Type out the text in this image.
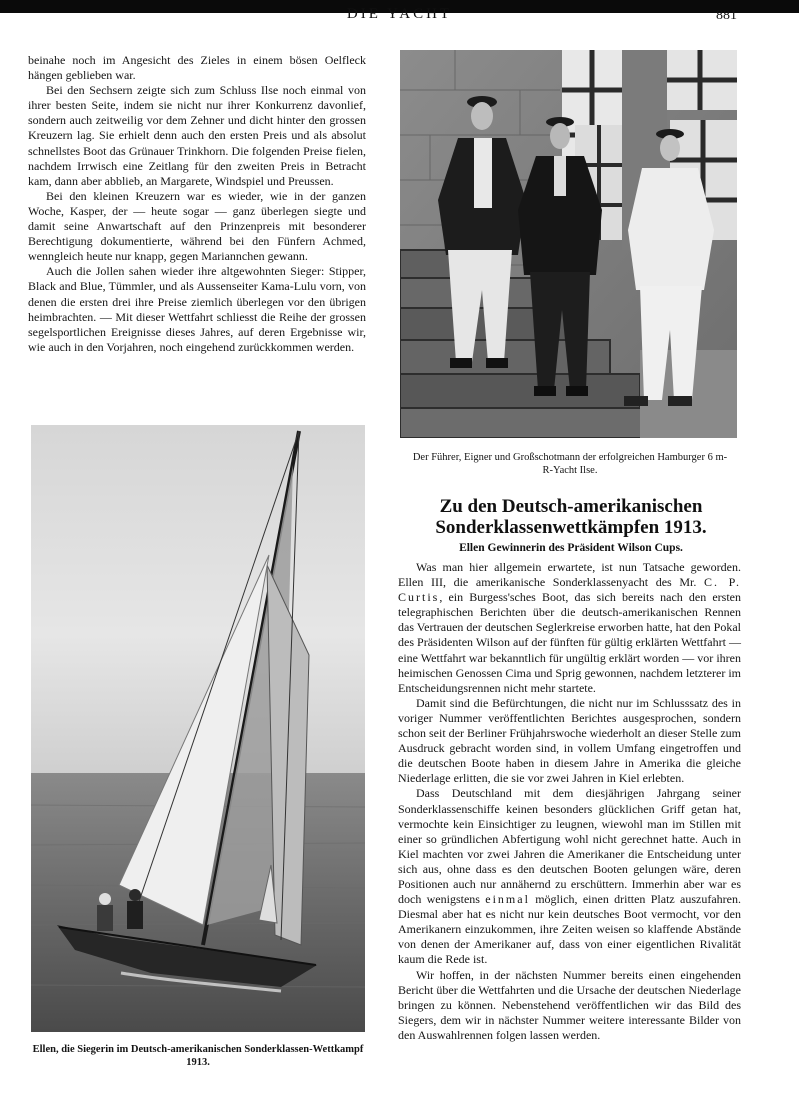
DIE YACHT	881

beinahe noch im Angesicht des Zieles in einem bösen Oelfleck hängen geblieben war.

Bei den Sechsern zeigte sich zum Schluss Ilse noch einmal von ihrer besten Seite, indem sie nicht nur ihrer Konkurrenz davonlief, sondern auch zeitweilig vor dem Zehner und dicht hinter den grossen Kreuzern lag. Sie erhielt denn auch den ersten Preis und als absolut schnellstes Boot das Grünauer Trinkhorn. Die folgenden Preise fielen, nachdem Irrwisch eine Zeitlang für den zweiten Preis in Betracht kam, dann aber abblieb, an Margarete, Windspiel und Preussen.

Bei den kleinen Kreuzern war es wieder, wie in der ganzen Woche, Kasper, der — heute sogar — ganz überlegen siegte und damit seine Anwartschaft auf den Prinzenpreis mit besonderer Berechtigung dokumentierte, während bei den Fünfern Achmed, wenngleich heute nur knapp, gegen Mariannchen gewann.

Auch die Jollen sahen wieder ihre altgewohnten Sieger: Stipper, Black and Blue, Tümmler, und als Aussenseiter Kama-Lulu vorn, von denen die ersten drei ihre Preise ziemlich überlegen vor den übrigen heimbrachten. — Mit dieser Wettfahrt schliesst die Reihe der grossen segelsportlichen Ereignisse dieses Jahres, auf deren Ergebnisse wir, wie auch in den Vorjahren, noch eingehend zurückkommen werden.

Der Führer, Eigner und Großschotmann der erfolgreichen Hamburger 6 m-R-Yacht Ilse.
Ellen, die Siegerin im Deutsch-amerikanischen Sonderklassen-Wettkampf 1913.
Zu den Deutsch-amerikanischen
Sonderklassenwettkämpfen 1913.
Ellen Gewinnerin des Präsident Wilson Cups.

Was man hier allgemein erwartete, ist nun Tatsache geworden. Ellen III, die amerikanische Sonderklassenyacht des Mr. C. P. Curtis, ein Burgess'sches Boot, das sich bereits nach den ersten telegraphischen Berichten über die deutsch-amerikanischen Rennen das Vertrauen der deutschen Seglerkreise erworben hatte, hat den Pokal des Präsidenten Wilson auf der fünften für gültig erklärten Wettfahrt — eine Wettfahrt war bekanntlich für ungültig erklärt worden — vor ihren heimischen Genossen Cima und Sprig gewonnen, nachdem letzterer im Entscheidungsrennen nicht mehr startete.

Damit sind die Befürchtungen, die nicht nur im Schlusssatz des in voriger Nummer veröffentlichten Berichtes ausgesprochen, sondern schon seit der Berliner Frühjahrswoche wiederholt an dieser Stelle zum Ausdruck gebracht worden sind, in vollem Umfang eingetroffen und die deutschen Boote haben in diesem Jahre in Amerika die gleiche Niederlage erlitten, die sie vor zwei Jahren in Kiel erlebten.

Dass Deutschland mit dem diesjährigen Jahrgang seiner Sonderklassenschiffe keinen besonders glücklichen Griff getan hat, vermochte kein Einsichtiger zu leugnen, wiewohl man im Stillen mit einer so gründlichen Abfertigung wohl nicht gerechnet hatte. Auch in Kiel machten vor zwei Jahren die Amerikaner die Entscheidung unter sich aus, ohne dass es den deutschen Booten gelungen wäre, deren Positionen auch nur annähernd zu erschüttern. Immerhin aber war es doch wenigstens einmal möglich, einen dritten Platz auszufahren. Diesmal aber hat es nicht nur kein deutsches Boot vermocht, vor den Amerikanern einzukommen, ihre Zeiten weisen so klaffende Abstände von denen der Amerikaner auf, dass von einer eigentlichen Rivalität kaum die Rede ist.

Wir hoffen, in der nächsten Nummer bereits einen eingehenden Bericht über die Wettfahrten und die Ursache der deutschen Niederlage bringen zu können. Nebenstehend veröffentlichen wir das Bild des Siegers, dem wir in nächster Nummer weitere interessante Bilder von den Auswahlrennen folgen lassen werden.
